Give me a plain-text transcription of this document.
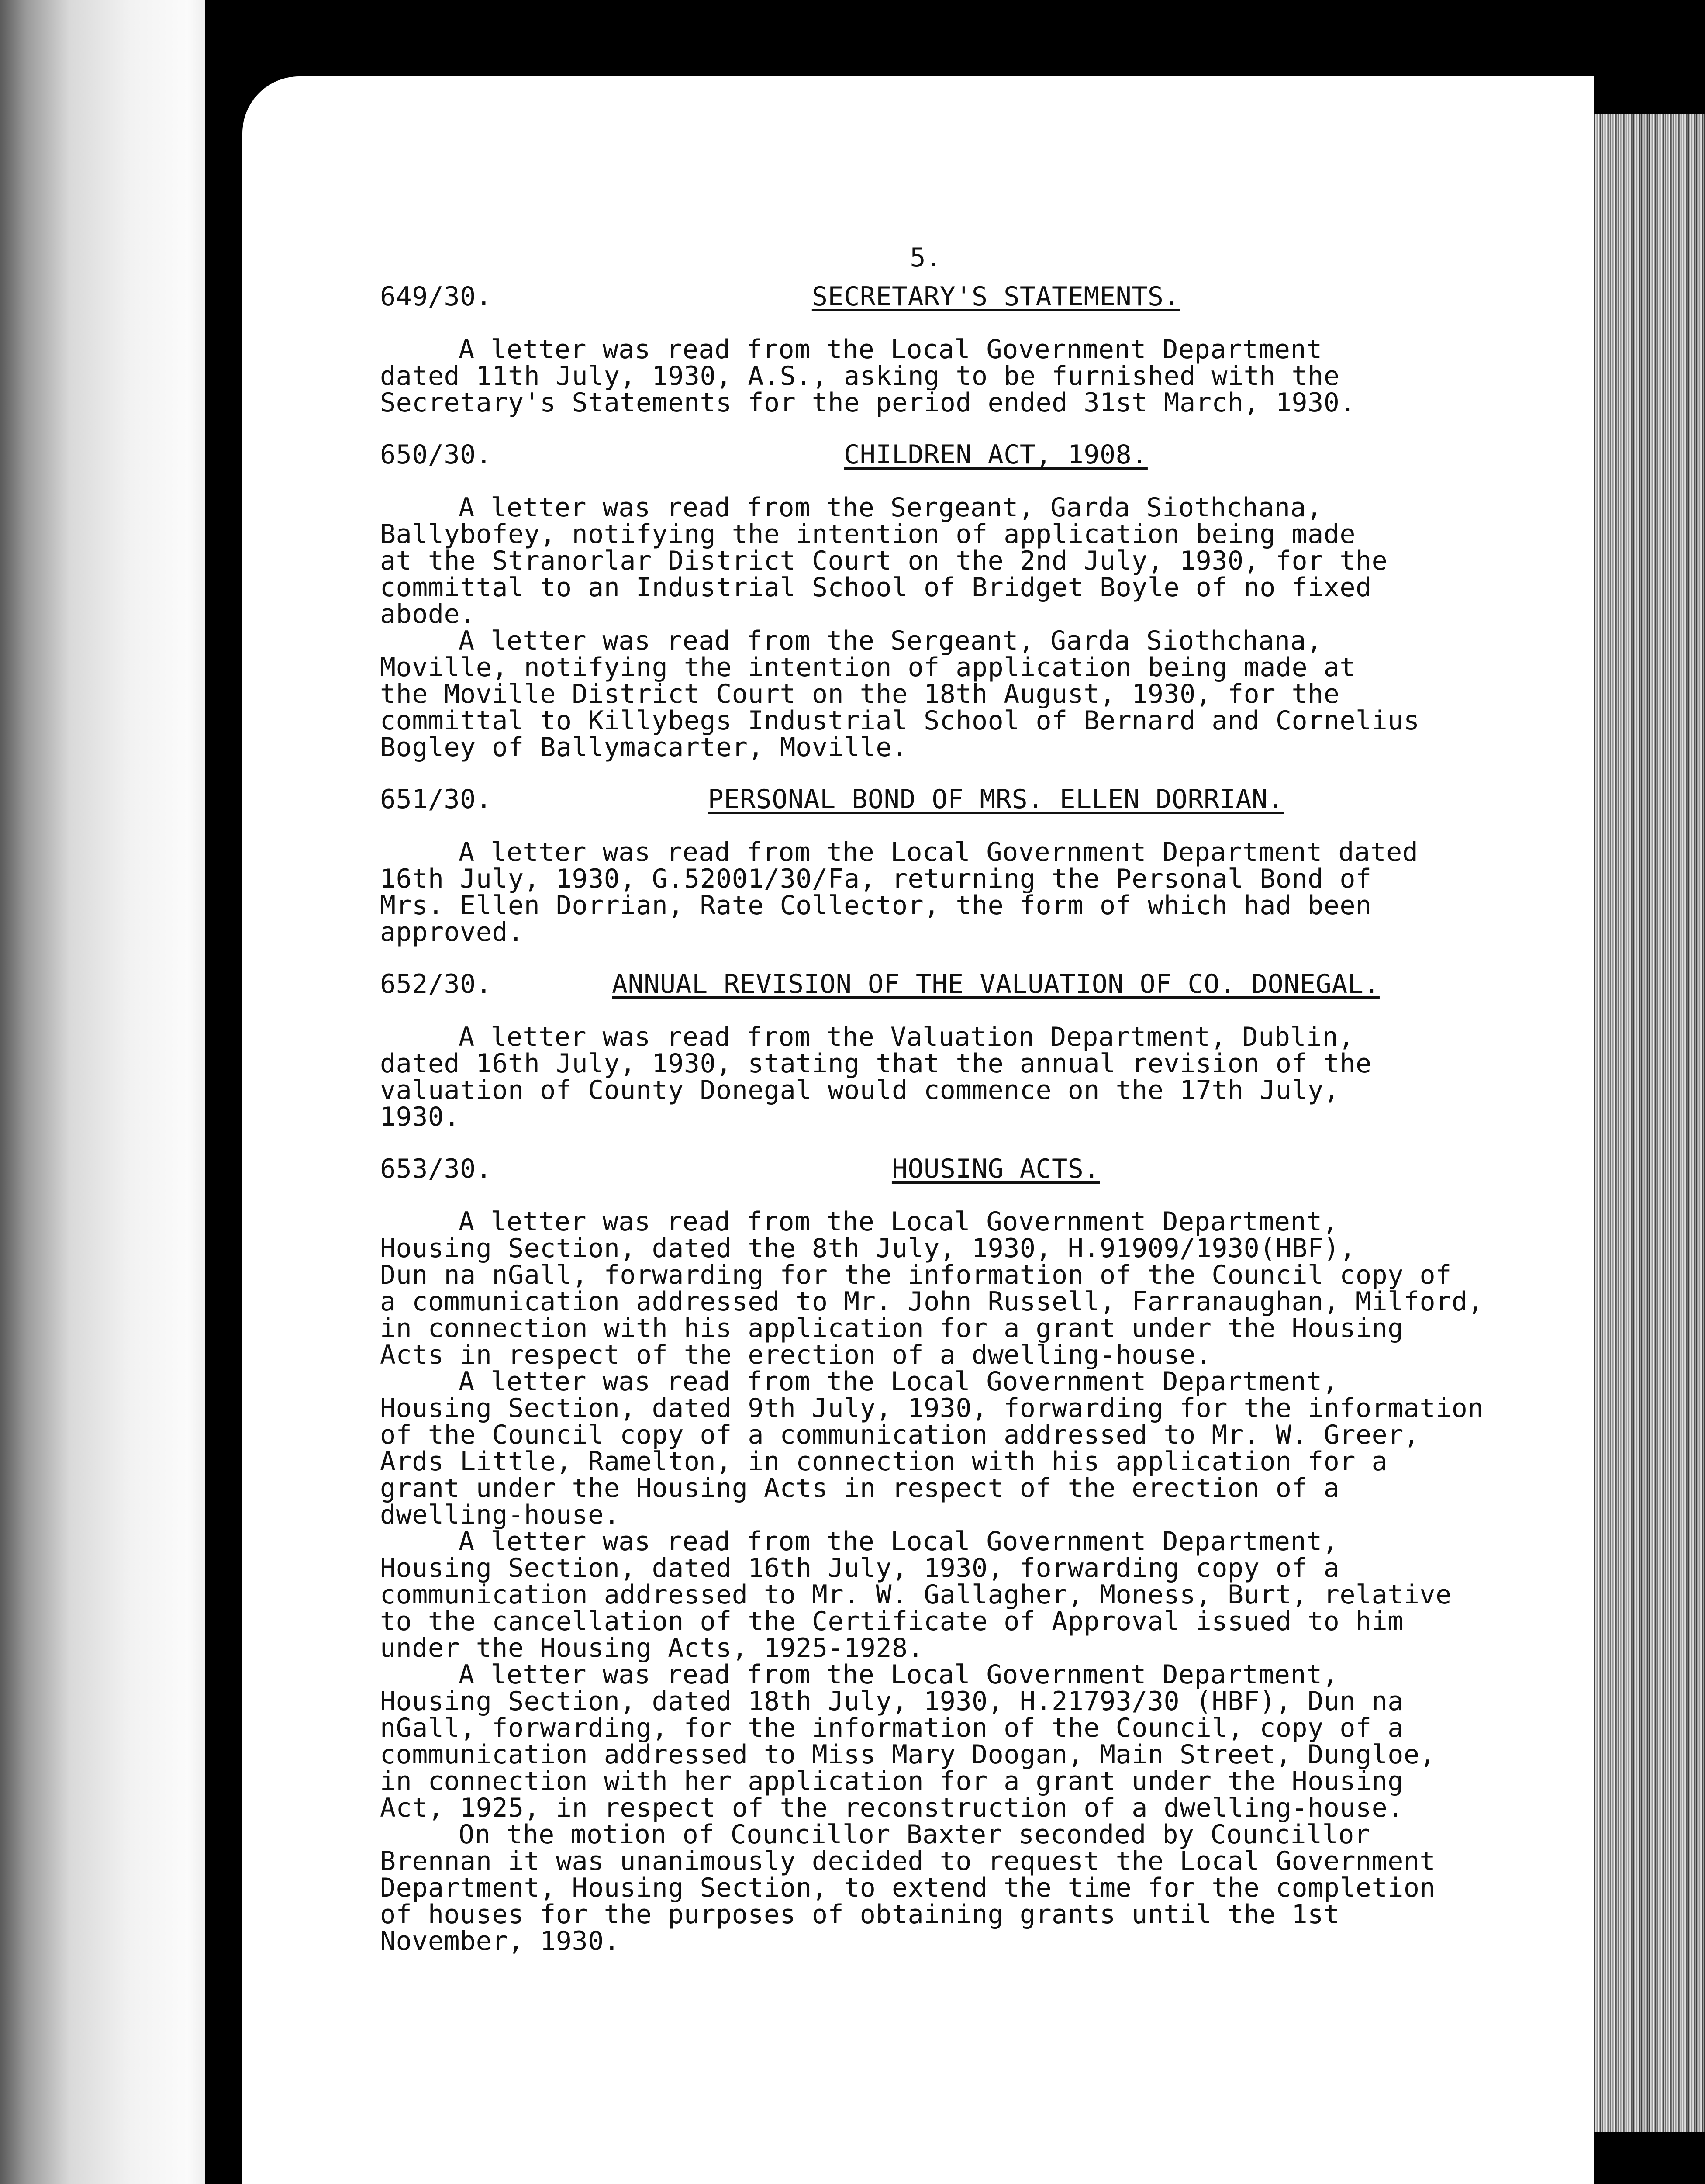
5.
649/30.	SECRETARY'S STATEMENTS.

A letter was read from the Local Government Department
dated 11th July, 1930, A.S., asking to be furnished with the
Secretary's Statements for the period ended 31st March, 1930.

650/30.	CHILDREN ACT, 1908.

A letter was read from the Sergeant, Garda Siothchana,
Ballybofey, notifying the intention of application being made
at the Stranorlar District Court on the 2nd July, 1930, for the
committal to an Industrial School of Bridget Boyle of no fixed
abode.

A letter was read from the Sergeant, Garda Siothchana,
Moville, notifying the intention of application being made at
the Moville District Court on the 18th August, 1930, for the
committal to Killybegs Industrial School of Bernard and Cornelius
Bogley of Ballymacarter, Moville.

651/30.	PERSONAL BOND OF MRS. ELLEN DORRIAN.

A letter was read from the Local Government Department dated
16th July, 1930, G.52001/30/Fa, returning the Personal Bond of
Mrs. Ellen Dorrian, Rate Collector, the form of which had been
approved.

652/30.	ANNUAL REVISION OF THE VALUATION OF CO. DONEGAL.

A letter was read from the Valuation Department, Dublin,
dated 16th July, 1930, stating that the annual revision of the
valuation of County Donegal would commence on the 17th July,
1930.

653/30.	HOUSING ACTS.

A letter was read from the Local Government Department,
Housing Section, dated the 8th July, 1930, H.91909/1930(HBF),
Dun na nGall, forwarding for the information of the Council copy of
a communication addressed to Mr. John Russell, Farranaughan, Milford,
in connection with his application for a grant under the Housing
Acts in respect of the erection of a dwelling-house.

A letter was read from the Local Government Department,
Housing Section, dated 9th July, 1930, forwarding for the information
of the Council copy of a communication addressed to Mr. W. Greer,
Ards Little, Ramelton, in connection with his application for a
grant under the Housing Acts in respect of the erection of a
dwelling-house.

A letter was read from the Local Government Department,
Housing Section, dated 16th July, 1930, forwarding copy of a
communication addressed to Mr. W. Gallagher, Moness, Burt, relative
to the cancellation of the Certificate of Approval issued to him
under the Housing Acts, 1925-1928.

A letter was read from the Local Government Department,
Housing Section, dated 18th July, 1930, H.21793/30 (HBF), Dun na
nGall, forwarding, for the information of the Council, copy of a
communication addressed to Miss Mary Doogan, Main Street, Dungloe,
in connection with her application for a grant under the Housing
Act, 1925, in respect of the reconstruction of a dwelling-house.

On the motion of Councillor Baxter seconded by Councillor
Brennan it was unanimously decided to request the Local Government
Department, Housing Section, to extend the time for the completion
of houses for the purposes of obtaining grants until the 1st
November, 1930.
